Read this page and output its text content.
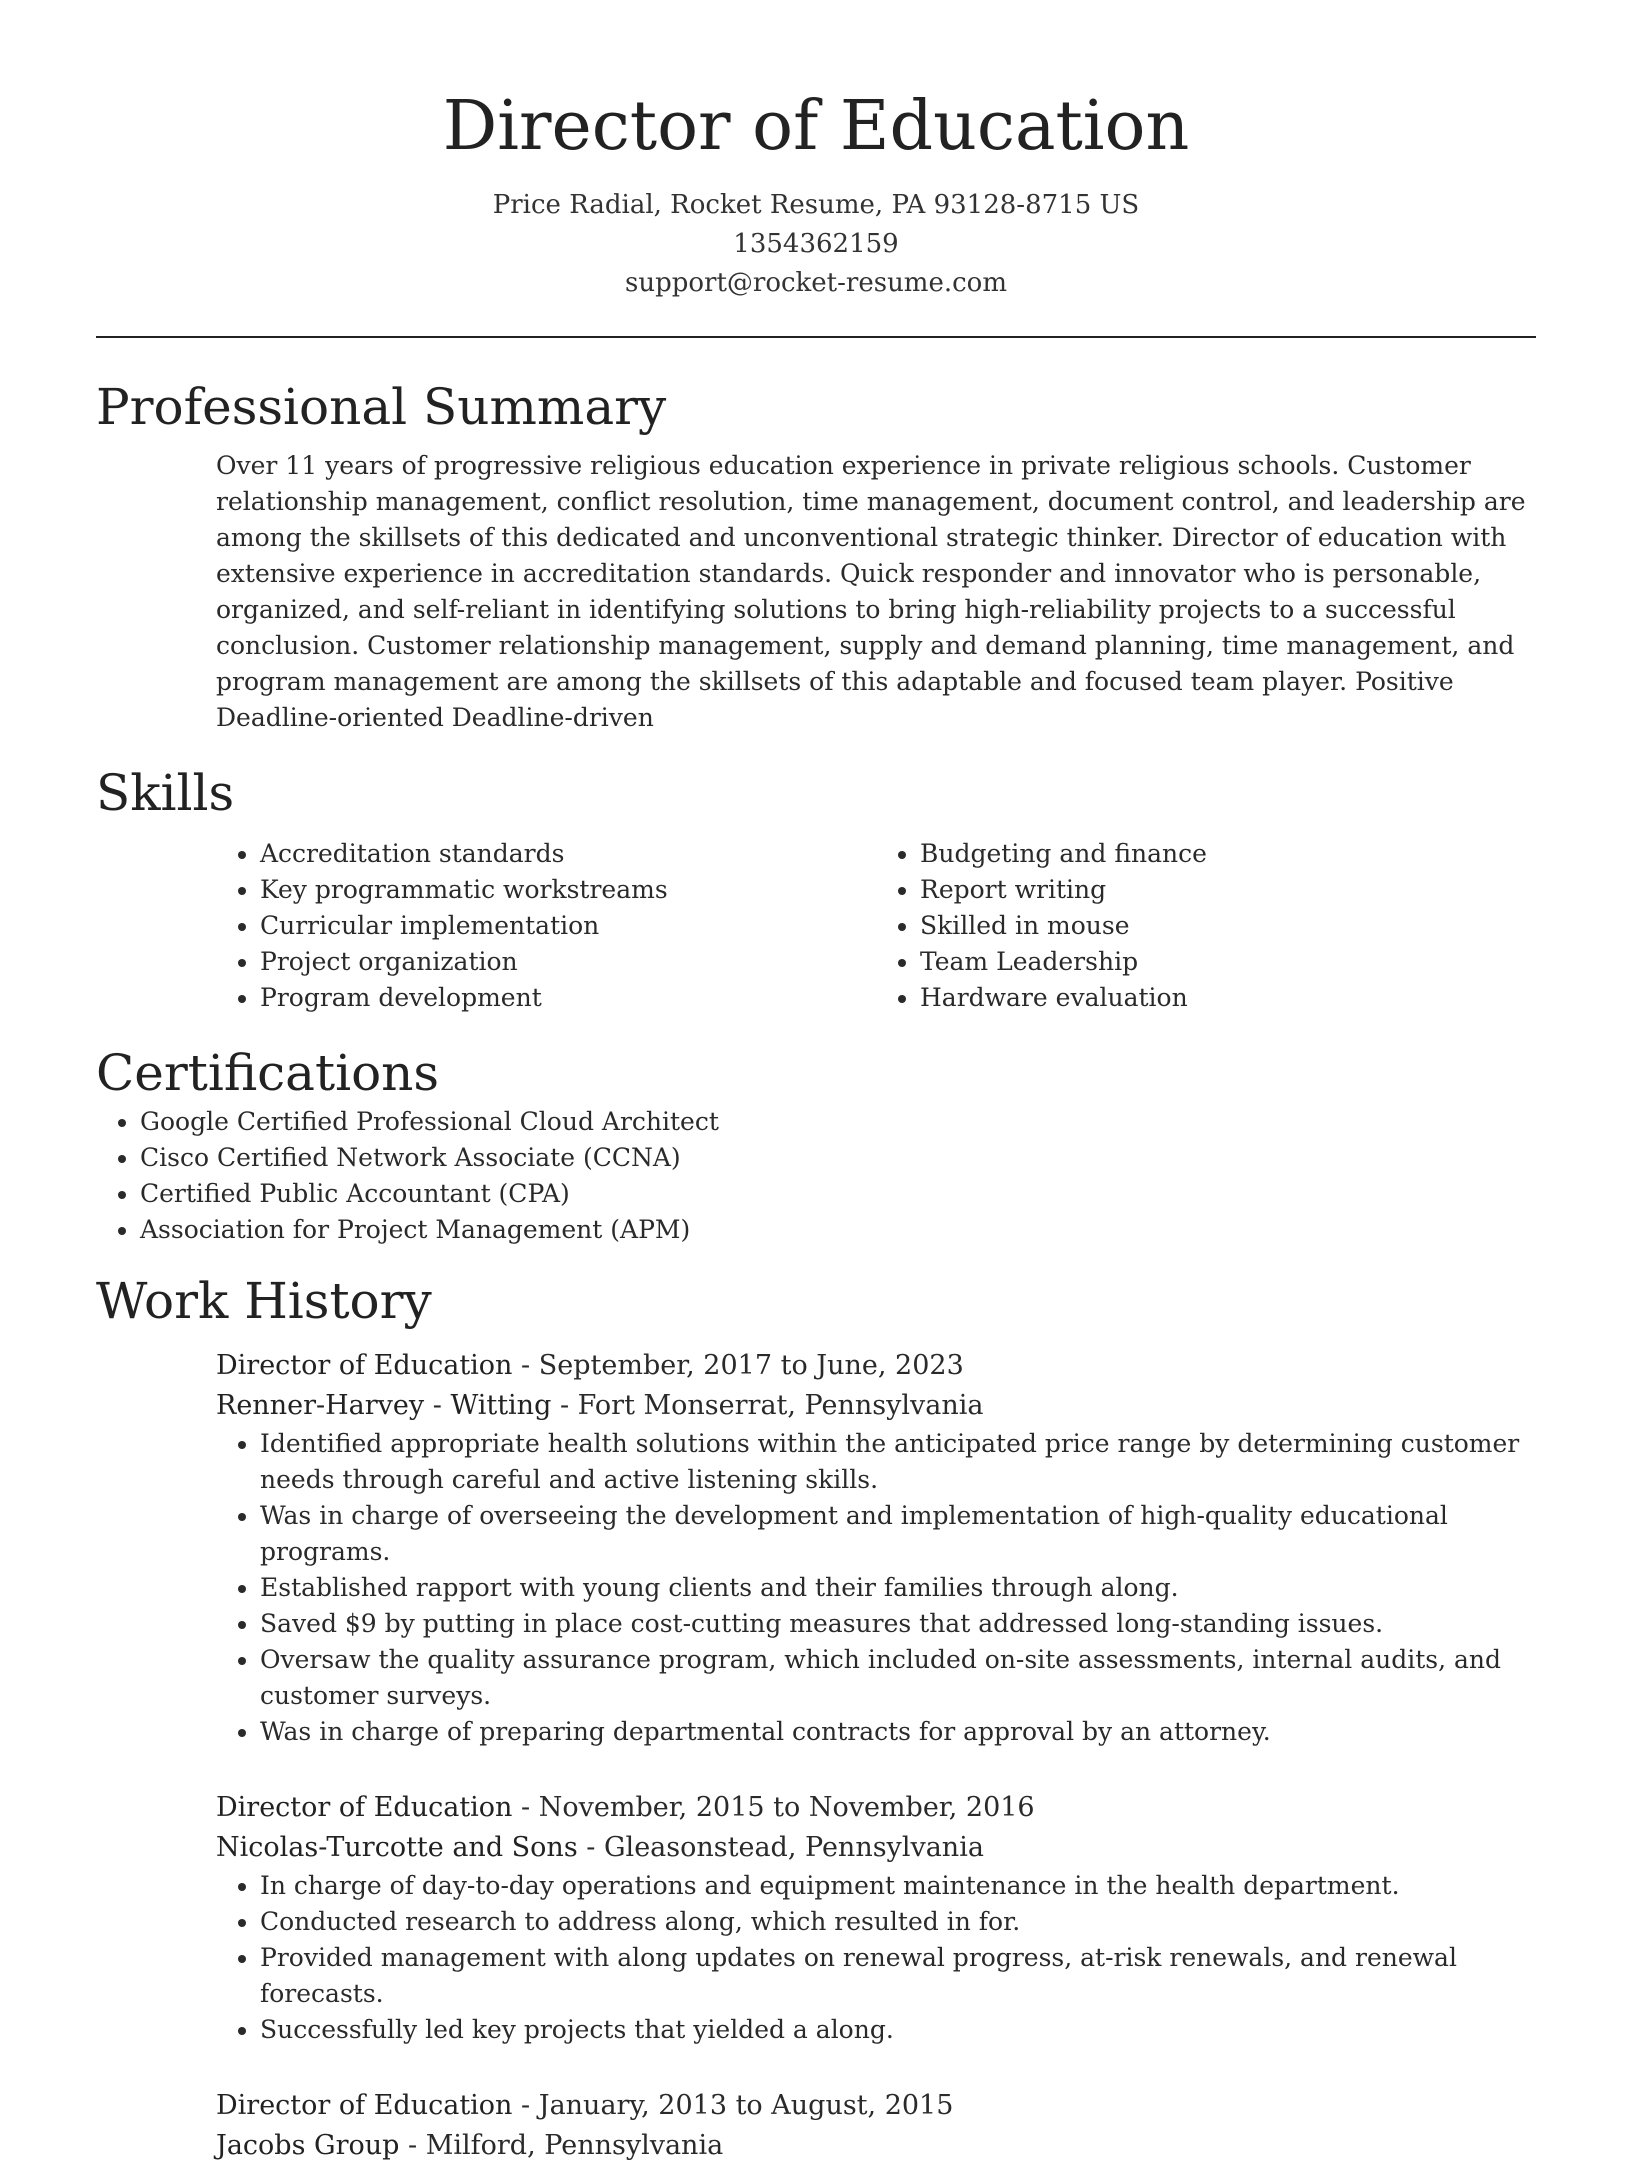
Director of Education
Price Radial, Rocket Resume, PA 93128-8715 US
1354362159
support@rocket-resume.com
Professional Summary
Over 11 years of progressive religious education experience in private religious schools. Customer relationship management, conflict resolution, time management, document control, and leadership are among the skillsets of this dedicated and unconventional strategic thinker. Director of education with extensive experience in accreditation standards. Quick responder and innovator who is personable, organized, and self-reliant in identifying solutions to bring high-reliability projects to a successful conclusion. Customer relationship management, supply and demand planning, time management, and program management are among the skillsets of this adaptable and focused team player. Positive Deadline-oriented Deadline-driven
Skills
• Accreditation standards
• Key programmatic workstreams
• Curricular implementation
• Project organization
• Program development
• Budgeting and finance
• Report writing
• Skilled in mouse
• Team Leadership
• Hardware evaluation
Certifications
• Google Certified Professional Cloud Architect
• Cisco Certified Network Associate (CCNA)
• Certified Public Accountant (CPA)
• Association for Project Management (APM)
Work History
Director of Education - September, 2017 to June, 2023
Renner-Harvey - Witting - Fort Monserrat, Pennsylvania
• Identified appropriate health solutions within the anticipated price range by determining customer needs through careful and active listening skills.
• Was in charge of overseeing the development and implementation of high-quality educational programs.
• Established rapport with young clients and their families through along.
• Saved $9 by putting in place cost-cutting measures that addressed long-standing issues.
• Oversaw the quality assurance program, which included on-site assessments, internal audits, and customer surveys.
• Was in charge of preparing departmental contracts for approval by an attorney.
Director of Education - November, 2015 to November, 2016
Nicolas-Turcotte and Sons - Gleasonstead, Pennsylvania
• In charge of day-to-day operations and equipment maintenance in the health department.
• Conducted research to address along, which resulted in for.
• Provided management with along updates on renewal progress, at-risk renewals, and renewal forecasts.
• Successfully led key projects that yielded a along.
Director of Education - January, 2013 to August, 2015
Jacobs Group - Milford, Pennsylvania
